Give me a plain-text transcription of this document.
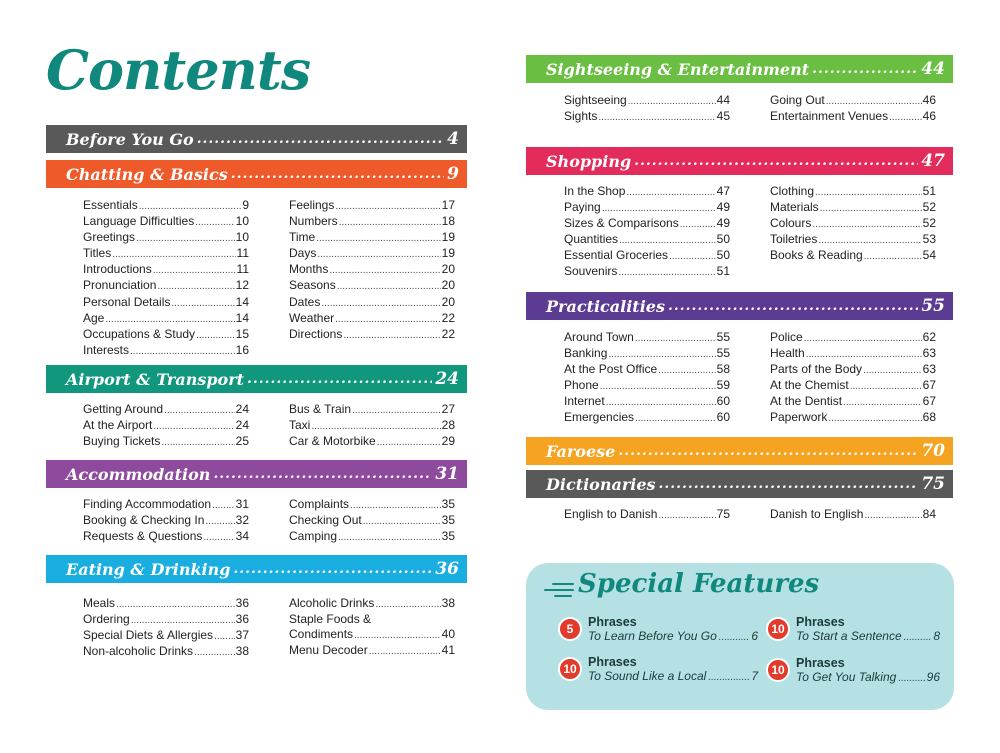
Contents
Before You Go .....	4
Chatting & Basics .....	9
Essentials .....	9
Language Difficulties .....	10
Greetings .....	10
Titles .....	11
Introductions .....	11
Pronunciation .....	12
Personal Details .....	14
Age .....	14
Occupations & Study .....	15
Interests .....	16
Feelings .....	17
Numbers .....	18
Time .....	19
Days .....	19
Months .....	20
Seasons .....	20
Dates .....	20
Weather .....	22
Directions .....	22
Airport & Transport .....	24
Getting Around .....	24
At the Airport .....	24
Buying Tickets .....	25
Bus & Train .....	27
Taxi .....	28
Car & Motorbike .....	29
Accommodation .....	31
Finding Accommodation ..... 31
Booking & Checking In .....	32
Requests & Questions .....	34
Complaints .....	35
Checking Out .....	35
Camping .....	35
Eating & Drinking .....	36
Meals .....	36
Ordering .....	36
Special Diets & Allergies ..... 37
Non-alcoholic Drinks .....	38
Alcoholic Drinks .....	38
Staple Foods &
Condiments .....	40
Menu Decoder .....	41
Sightseeing & Entertainment .....	44
Sightseeing .....	44
Sights .....	45
Going Out .....	46
Entertainment Venues .....	46
Shopping .....	47
In the Shop .....	47
Paying .....	49
Sizes & Comparisons .....	49
Quantities .....	50
Essential Groceries .....	50
Souvenirs .....	51
Clothing .....	51
Materials .....	52
Colours .....	52
Toiletries .....	53
Books & Reading .....	54
Practicalities .....	55
Around Town .....	55
Banking .....	55
At the Post Office .....	58
Phone .....	59
Internet .....	60
Emergencies .....	60
Police .....	62
Health .....	63
Parts of the Body .....	63
At the Chemist .....	67
At the Dentist .....	67
Paperwork .....	68
Faroese .....	70
Dictionaries .....	75
English to Danish .....	75	Danish to English .....	84
Special Features
5	Phrases
To Learn Before You Go .....	6
10 Phrases
To Sound Like a Local .....	7
10 Phrases
To Start a Sentence .....	8
10 Phrases
To Get You Talking .....	96
